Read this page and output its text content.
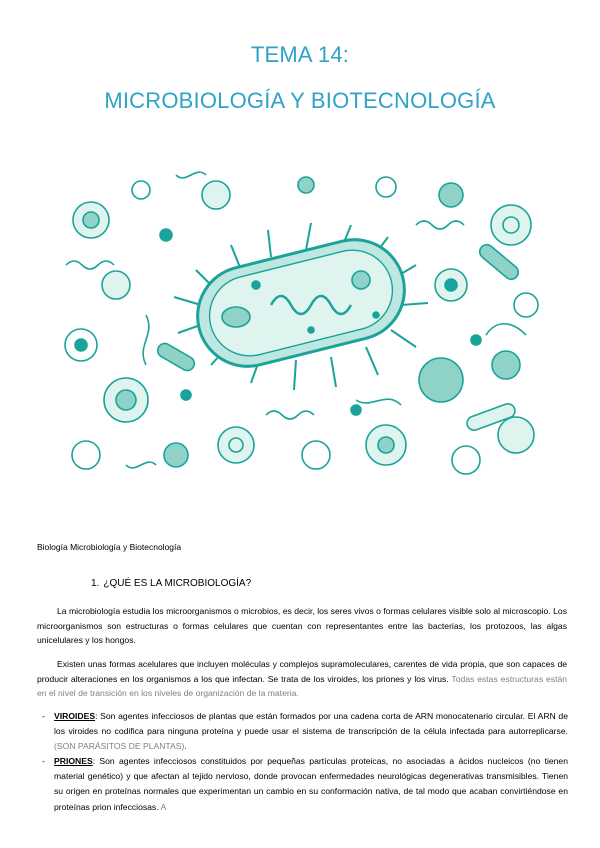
TEMA 14:
MICROBIOLOGÍA Y BIOTECNOLOGÍA
Biología Microbiología y Biotecnología
1. ¿QUÉ ES LA MICROBIOLOGÍA?

La microbiología estudia los microorganismos o microbios, es decir, los seres vivos o formas celulares visible solo al microscopio. Los microorganismos son estructuras o formas celulares que cuentan con representantes entre las bacterias, los protozoos, las algas unicelulares y los hongos.

Existen unas formas acelulares que incluyen moléculas y complejos supramoleculares, carentes de vida propia, que son capaces de producir alteraciones en los organismos a los que infectan. Se trata de los viroides, los priones y los virus. Todas estas estructuras están en el nivel de transición en los niveles de organización de la materia.

- VIROIDES: Son agentes infecciosos de plantas que están formados por una cadena corta de ARN monocatenario circular. El ARN de los viroides no codifica para ninguna proteína y puede usar el sistema de transcripción de la célula infectada para autorreplicarse. (SON PARÁSITOS DE PLANTAS).

- PRIONES: Son agentes infecciosos constituidos por pequeñas partículas proteicas, no asociadas a ácidos nucleicos (no tienen material genético) y que afectan al tejido nervioso, donde provocan enfermedades neurológicas degenerativas transmisibles. Tienen su origen en proteínas normales que experimentan un cambio en su conformación nativa, de tal modo que acaban convirtiéndose en proteínas prion infecciosas. A
